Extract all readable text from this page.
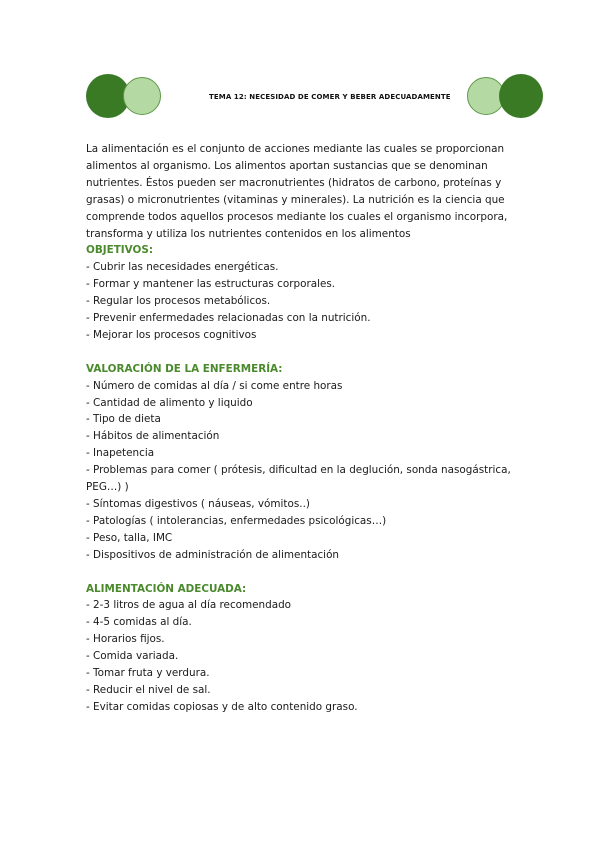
TEMA 12: NECESIDAD DE COMER Y BEBER ADECUADAMENTE

La alimentación es el conjunto de acciones mediante las cuales se proporcionan alimentos al organismo. Los alimentos aportan sustancias que se denominan nutrientes. Éstos pueden ser macronutrientes (hidratos de carbono, proteínas y grasas) o micronutrientes (vitaminas y minerales). La nutrición es la ciencia que comprende todos aquellos procesos mediante los cuales el organismo incorpora, transforma y utiliza los nutrientes contenidos en los alimentos

OBJETIVOS:

- Cubrir las necesidades energéticas.

- Formar y mantener las estructuras corporales.

- Regular los procesos metabólicos.

- Prevenir enfermedades relacionadas con la nutrición.

- Mejorar los procesos cognitivos

VALORACIÓN DE LA ENFERMERÍA:

- Número de comidas al día / si come entre horas

- Cantidad de alimento y liquido

- Tipo de dieta

- Hábitos de alimentación

- Inapetencia

- Problemas para comer ( prótesis, dificultad en la deglución, sonda nasogástrica, PEG…) )

- Síntomas digestivos ( náuseas, vómitos..)

- Patologías ( intolerancias, enfermedades psicológicas…)

- Peso, talla, IMC

- Dispositivos de administración de alimentación

ALIMENTACIÓN ADECUADA:

- 2-3 litros de agua al día recomendado

- 4-5 comidas al día.

- Horarios fijos.

- Comida variada.

- Tomar fruta y verdura.

- Reducir el nivel de sal.

- Evitar comidas copiosas y de alto contenido graso.
